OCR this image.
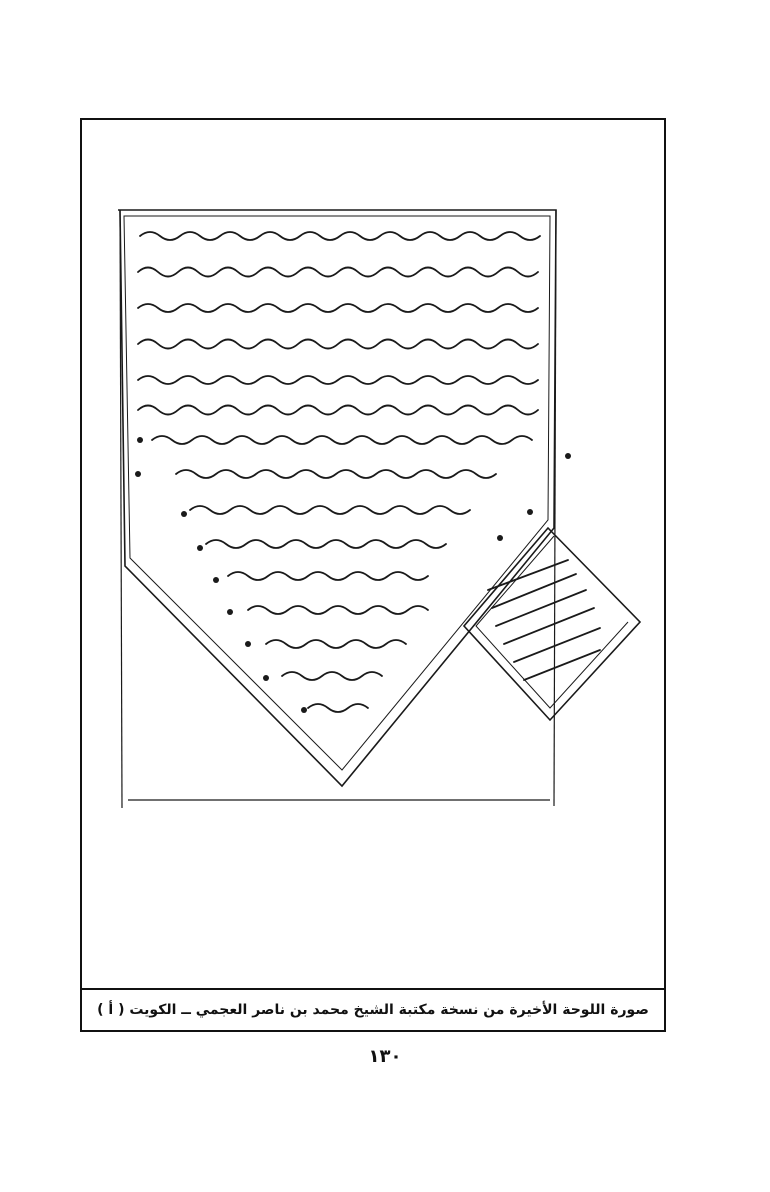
صورة اللوحة الأخيرة من نسخة مكتبة الشيخ محمد بن ناصر العجمي ــ الكويت ( أ )
١٣٠
